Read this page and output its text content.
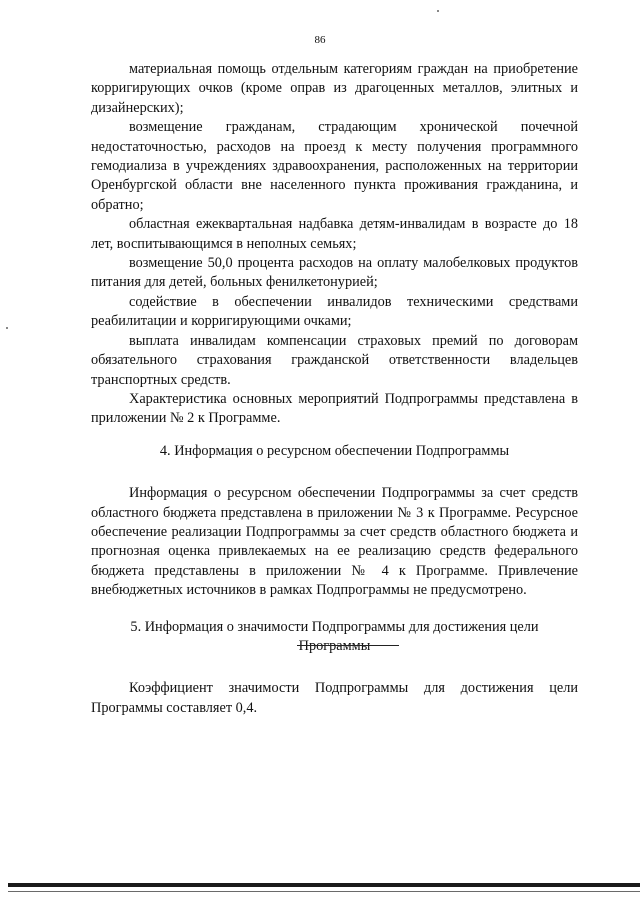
86

материальная помощь отдельным категориям граждан на приобретение корригирующих очков (кроме оправ из драгоценных металлов, элитных и дизайнерских);

возмещение гражданам, страдающим хронической почечной недостаточностью, расходов на проезд к месту получения программного гемодиализа в учреждениях здравоохранения, расположенных на территории Оренбургской области вне населенного пункта проживания гражданина, и обратно;

областная ежеквартальная надбавка детям-инвалидам в возрасте до 18 лет, воспитывающимся в неполных семьях;

возмещение 50,0 процента расходов на оплату малобелковых продуктов питания для детей, больных фенилкетонурией;

содействие в обеспечении инвалидов техническими средствами реабилитации и корригирующими очками;

выплата инвалидам компенсации страховых премий по договорам обязательного страхования гражданской ответственности владельцев транспортных средств.

Характеристика основных мероприятий Подпрограммы представлена в приложении № 2 к Программе.

4. Информация о ресурсном обеспечении Подпрограммы

Информация о ресурсном обеспечении Подпрограммы за счет средств областного бюджета представлена в приложении № 3 к Программе. Ресурсное обеспечение реализации Подпрограммы за счет средств областного бюджета и прогнозная оценка привлекаемых на ее реализацию средств федерального бюджета представлены в приложении № 4 к Программе. Привлечение внебюджетных источников в рамках Подпрограммы не предусмотрено.

5. Информация о значимости Подпрограммы для достижения цели
Программы

Коэффициент значимости Подпрограммы для достижения цели Программы составляет 0,4.
